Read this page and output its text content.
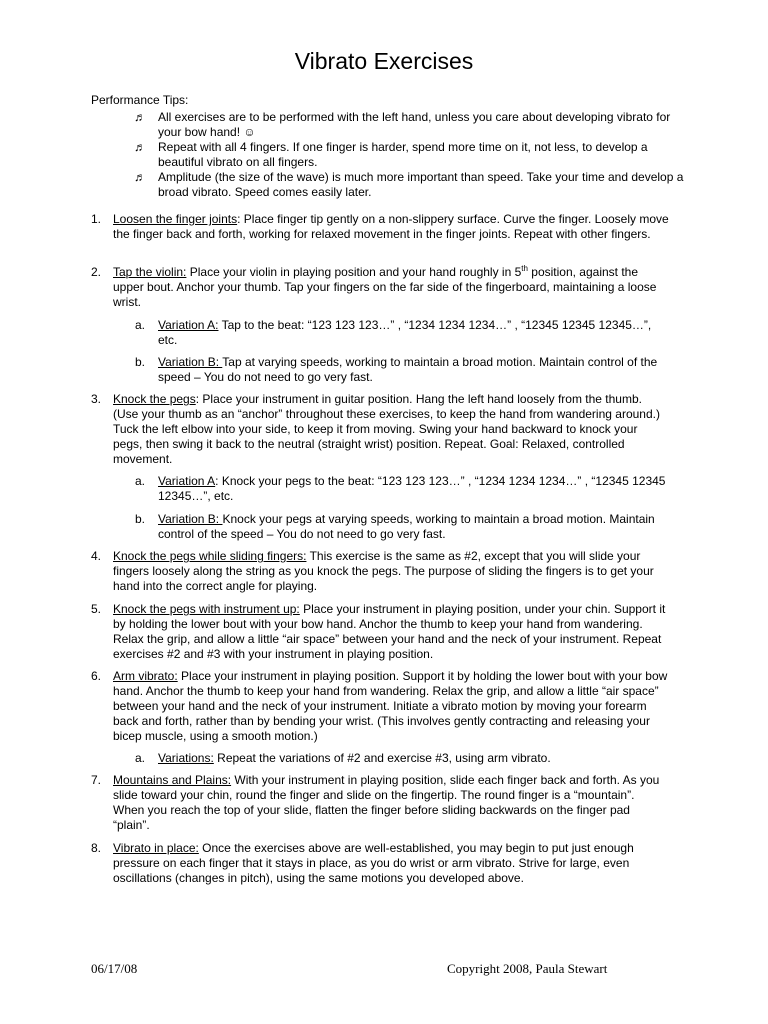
Vibrato Exercises
Performance Tips:
♬	All exercises are to be performed with the left hand, unless you care about developing vibrato for your bow hand! ☺
♬	Repeat with all 4 fingers. If one finger is harder, spend more time on it, not less, to develop a beautiful vibrato on all fingers.
♬	Amplitude (the size of the wave) is much more important than speed. Take your time and develop a broad vibrato. Speed comes easily later.
1. Loosen the finger joints: Place finger tip gently on a non-slippery surface. Curve the finger. Loosely move the finger back and forth, working for relaxed movement in the finger joints. Repeat with other fingers.
2. Tap the violin: Place your violin in playing position and your hand roughly in 5th position, against the upper bout. Anchor your thumb. Tap your fingers on the far side of the fingerboard, maintaining a loose wrist.
a. Variation A: Tap to the beat: “123 123 123…” , “1234 1234 1234…” , “12345 12345 12345…”, etc.
b. Variation B: Tap at varying speeds, working to maintain a broad motion. Maintain control of the speed – You do not need to go very fast.
3. Knock the pegs: Place your instrument in guitar position. Hang the left hand loosely from the thumb. (Use your thumb as an “anchor” throughout these exercises, to keep the hand from wandering around.) Tuck the left elbow into your side, to keep it from moving. Swing your hand backward to knock your pegs, then swing it back to the neutral (straight wrist) position. Repeat. Goal: Relaxed, controlled movement.
a. Variation A: Knock your pegs to the beat: “123 123 123…” , “1234 1234 1234…” , “12345 12345 12345…”, etc.
b. Variation B: Knock your pegs at varying speeds, working to maintain a broad motion. Maintain control of the speed – You do not need to go very fast.
4. Knock the pegs while sliding fingers: This exercise is the same as #2, except that you will slide your fingers loosely along the string as you knock the pegs. The purpose of sliding the fingers is to get your hand into the correct angle for playing.
5. Knock the pegs with instrument up: Place your instrument in playing position, under your chin. Support it by holding the lower bout with your bow hand. Anchor the thumb to keep your hand from wandering. Relax the grip, and allow a little “air space” between your hand and the neck of your instrument. Repeat exercises #2 and #3 with your instrument in playing position.
6. Arm vibrato: Place your instrument in playing position. Support it by holding the lower bout with your bow hand. Anchor the thumb to keep your hand from wandering. Relax the grip, and allow a little “air space” between your hand and the neck of your instrument. Initiate a vibrato motion by moving your forearm back and forth, rather than by bending your wrist. (This involves gently contracting and releasing your bicep muscle, using a smooth motion.)
a. Variations: Repeat the variations of #2 and exercise #3, using arm vibrato.
7. Mountains and Plains: With your instrument in playing position, slide each finger back and forth. As you slide toward your chin, round the finger and slide on the fingertip. The round finger is a “mountain”. When you reach the top of your slide, flatten the finger before sliding backwards on the finger pad “plain”.
8. Vibrato in place: Once the exercises above are well-established, you may begin to put just enough pressure on each finger that it stays in place, as you do wrist or arm vibrato. Strive for large, even oscillations (changes in pitch), using the same motions you developed above.
06/17/08	Copyright 2008, Paula Stewart
